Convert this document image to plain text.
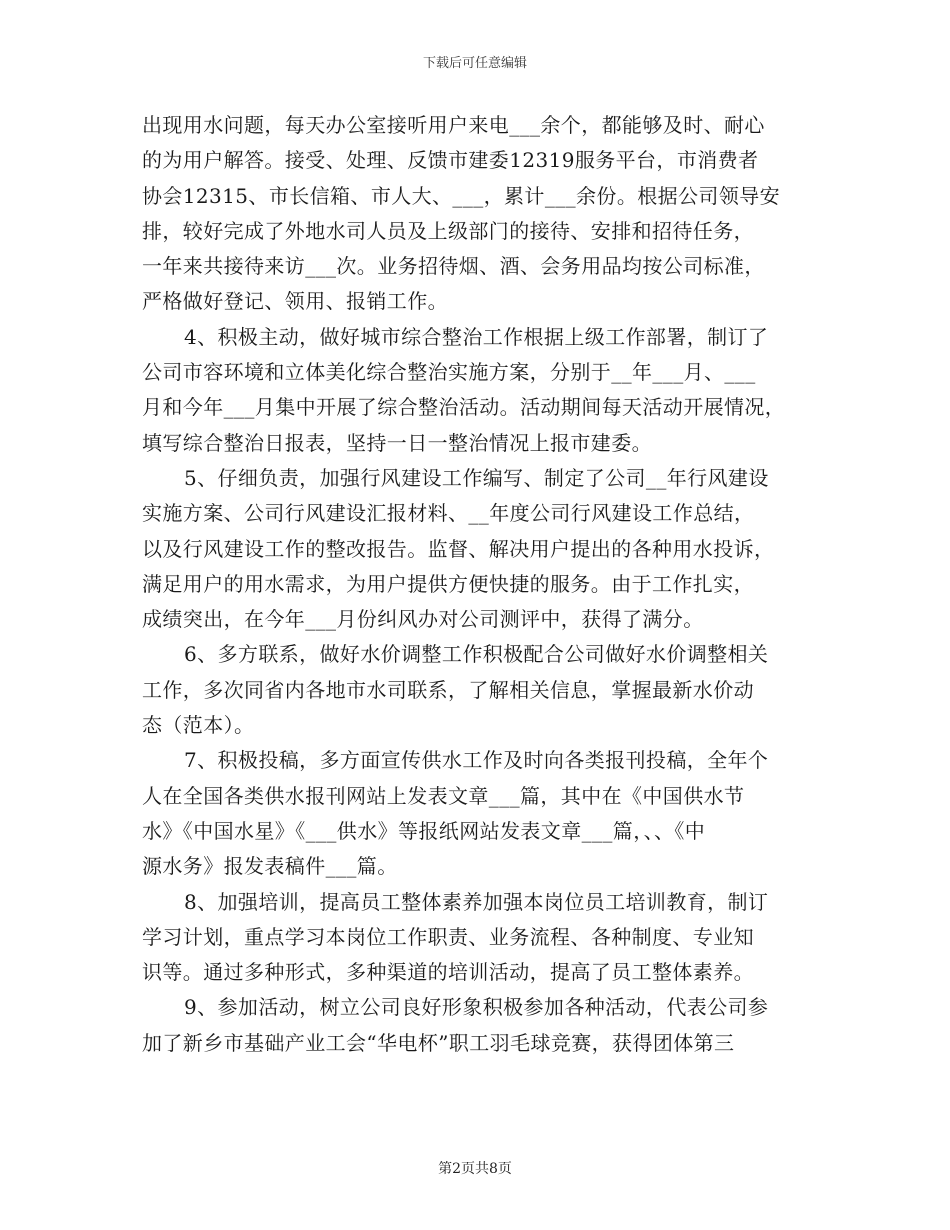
下载后可任意编辑
出现用水问题，每天办公室接听用户来电___余个，都能够及时、耐心
的为用户解答。接受、处理、反馈市建委12319服务平台，市消费者
协会12315、市长信箱、市人大、___，累计___余份。根据公司领导安
排，较好完成了外地水司人员及上级部门的接待、安排和招待任务，
一年来共接待来访___次。业务招待烟、酒、会务用品均按公司标准，
严格做好登记、领用、报销工作。
4、积极主动，做好城市综合整治工作根据上级工作部署，制订了
公司市容环境和立体美化综合整治实施方案，分别于__年___月、___
月和今年___月集中开展了综合整治活动。活动期间每天活动开展情况，
填写综合整治日报表，坚持一日一整治情况上报市建委。
5、仔细负责，加强行风建设工作编写、制定了公司__年行风建设
实施方案、公司行风建设汇报材料、__年度公司行风建设工作总结，
以及行风建设工作的整改报告。监督、解决用户提出的各种用水投诉，
满足用户的用水需求，为用户提供方便快捷的服务。由于工作扎实，
成绩突出，在今年___月份纠风办对公司测评中，获得了满分。
6、多方联系，做好水价调整工作积极配合公司做好水价调整相关
工作，多次同省内各地市水司联系，了解相关信息，掌握最新水价动
态（范本）。
7、积极投稿，多方面宣传供水工作及时向各类报刊投稿，全年个
人在全国各类供水报刊网站上发表文章___篇，其中在《中国供水节
水》《中国水星》《___供水》等报纸网站发表文章___篇，、、《中
源水务》报发表稿件___篇。
8、加强培训，提高员工整体素养加强本岗位员工培训教育，制订
学习计划，重点学习本岗位工作职责、业务流程、各种制度、专业知
识等。通过多种形式，多种渠道的培训活动，提高了员工整体素养。
9、参加活动，树立公司良好形象积极参加各种活动，代表公司参
加了新乡市基础产业工会“华电杯”职工羽毛球竞赛，获得团体第三
第2页共8页
